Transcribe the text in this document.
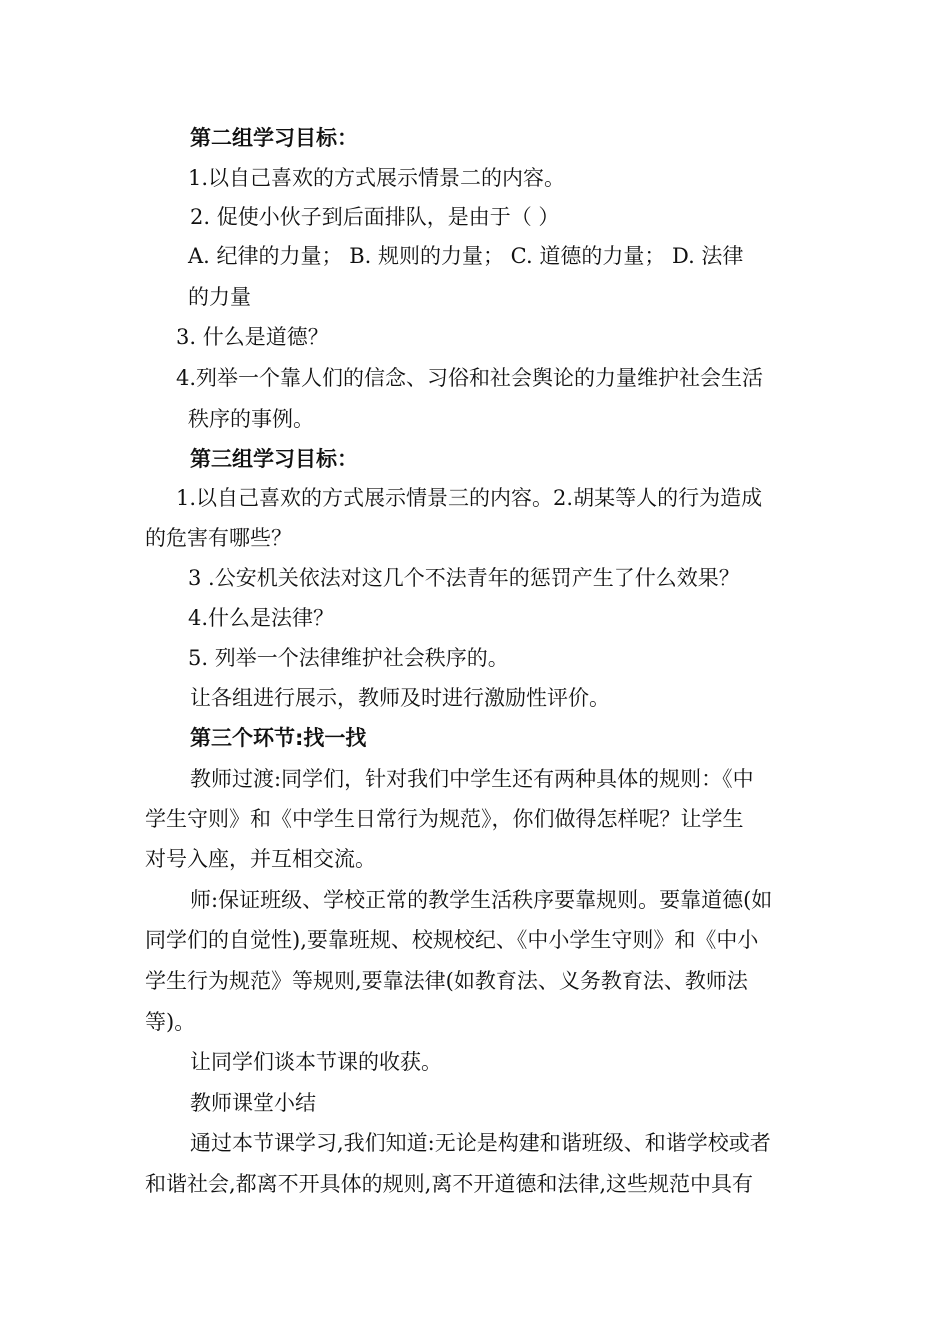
第二组学习目标：
1.以自己喜欢的方式展示情景二的内容。
2. 促使小伙子到后面排队，是由于（ ）
A. 纪律的力量； B. 规则的力量； C. 道德的力量； D. 法律
的力量
3. 什么是道德？
4.列举一个靠人们的信念、习俗和社会舆论的力量维护社会生活
秩序的事例。
第三组学习目标：
1.以自己喜欢的方式展示情景三的内容。2.胡某等人的行为造成
的危害有哪些？
3 .公安机关依法对这几个不法青年的惩罚产生了什么效果？
4.什么是法律？
5. 列举一个法律维护社会秩序的。
让各组进行展示，教师及时进行激励性评价。
第三个环节:找一找
教师过渡:同学们，针对我们中学生还有两种具体的规则：《中
学生守则》和《中学生日常行为规范》，你们做得怎样呢？让学生
对号入座，并互相交流。
师:保证班级、学校正常的教学生活秩序要靠规则。要靠道德(如
同学们的自觉性),要靠班规、校规校纪、《中小学生守则》和《中小
学生行为规范》等规则,要靠法律(如教育法、义务教育法、教师法
等)。
让同学们谈本节课的收获。
教师课堂小结
通过本节课学习,我们知道:无论是构建和谐班级、和谐学校或者
和谐社会,都离不开具体的规则,离不开道德和法律,这些规范中具有
